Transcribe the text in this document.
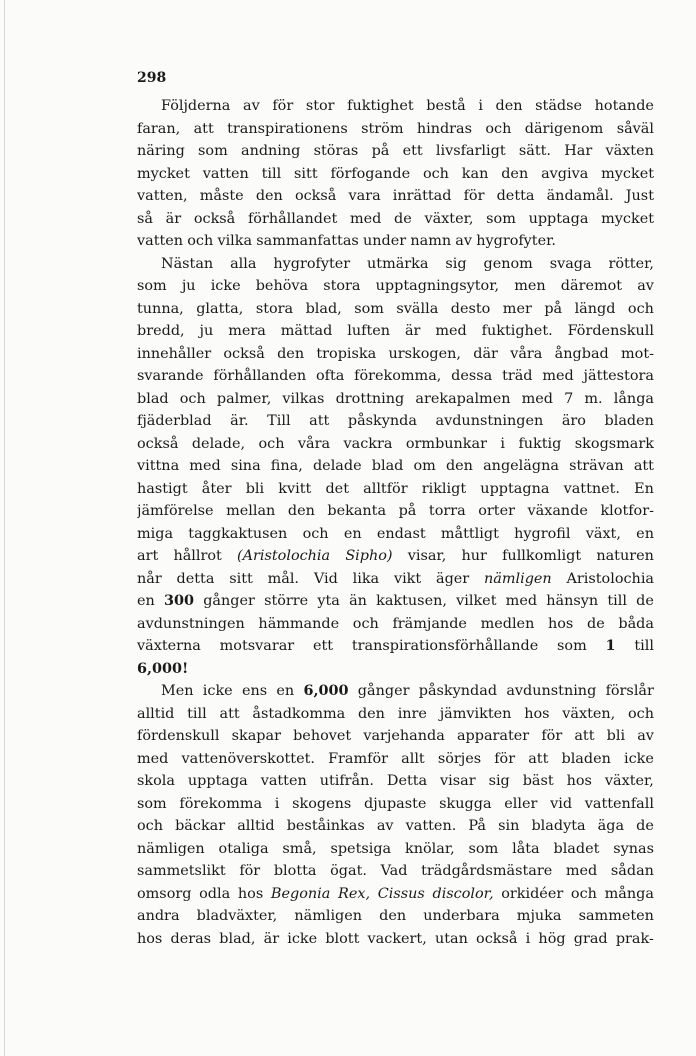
298
Följderna av för stor fuktighet bestå i den städse hotande
faran, att transpirationens ström hindras och därigenom såväl
näring som andning störas på ett livsfarligt sätt. Har växten
mycket vatten till sitt förfogande och kan den avgiva mycket
vatten, måste den också vara inrättad för detta ändamål. Just
så är också förhållandet med de växter, som upptaga mycket
vatten och vilka sammanfattas under namn av hygrofyter.
Nästan alla hygrofyter utmärka sig genom svaga rötter,
som ju icke behöva stora upptagningsytor, men däremot av
tunna, glatta, stora blad, som svälla desto mer på längd och
bredd, ju mera mättad luften är med fuktighet. Fördenskull
innehåller också den tropiska urskogen, där våra ångbad mot-
svarande förhållanden ofta förekomma, dessa träd med jättestora
blad och palmer, vilkas drottning arekapalmen med 7 m. långa
fjäderblad är. Till att påskynda avdunstningen äro bladen
också delade, och våra vackra ormbunkar i fuktig skogsmark
vittna med sina fina, delade blad om den angelägna strävan att
hastigt åter bli kvitt det alltför rikligt upptagna vattnet. En
jämförelse mellan den bekanta på torra orter växande klotfor-
miga taggkaktusen och en endast måttligt hygrofil växt, en
art hållrot (Aristolochia Sipho) visar, hur fullkomligt naturen
når detta sitt mål. Vid lika vikt äger nämligen Aristolochia
en 300 gånger större yta än kaktusen, vilket med hänsyn till de
avdunstningen hämmande och främjande medlen hos de båda
växterna motsvarar ett transpirationsförhållande som 1 till
6,000!
Men icke ens en 6,000 gånger påskyndad avdunstning förslår
alltid till att åstadkomma den inre jämvikten hos växten, och
fördenskull skapar behovet varjehanda apparater för att bli av
med vattenöverskottet. Framför allt sörjes för att bladen icke
skola upptaga vatten utifrån. Detta visar sig bäst hos växter,
som förekomma i skogens djupaste skugga eller vid vattenfall
och bäckar alltid beståinkas av vatten. På sin bladyta äga de
nämligen otaliga små, spetsiga knölar, som låta bladet synas
sammetslikt för blotta ögat. Vad trädgårdsmästare med sådan
omsorg odla hos Begonia Rex, Cissus discolor, orkidéer och många
andra bladväxter, nämligen den underbara mjuka sammeten
hos deras blad, är icke blott vackert, utan också i hög grad prak-
